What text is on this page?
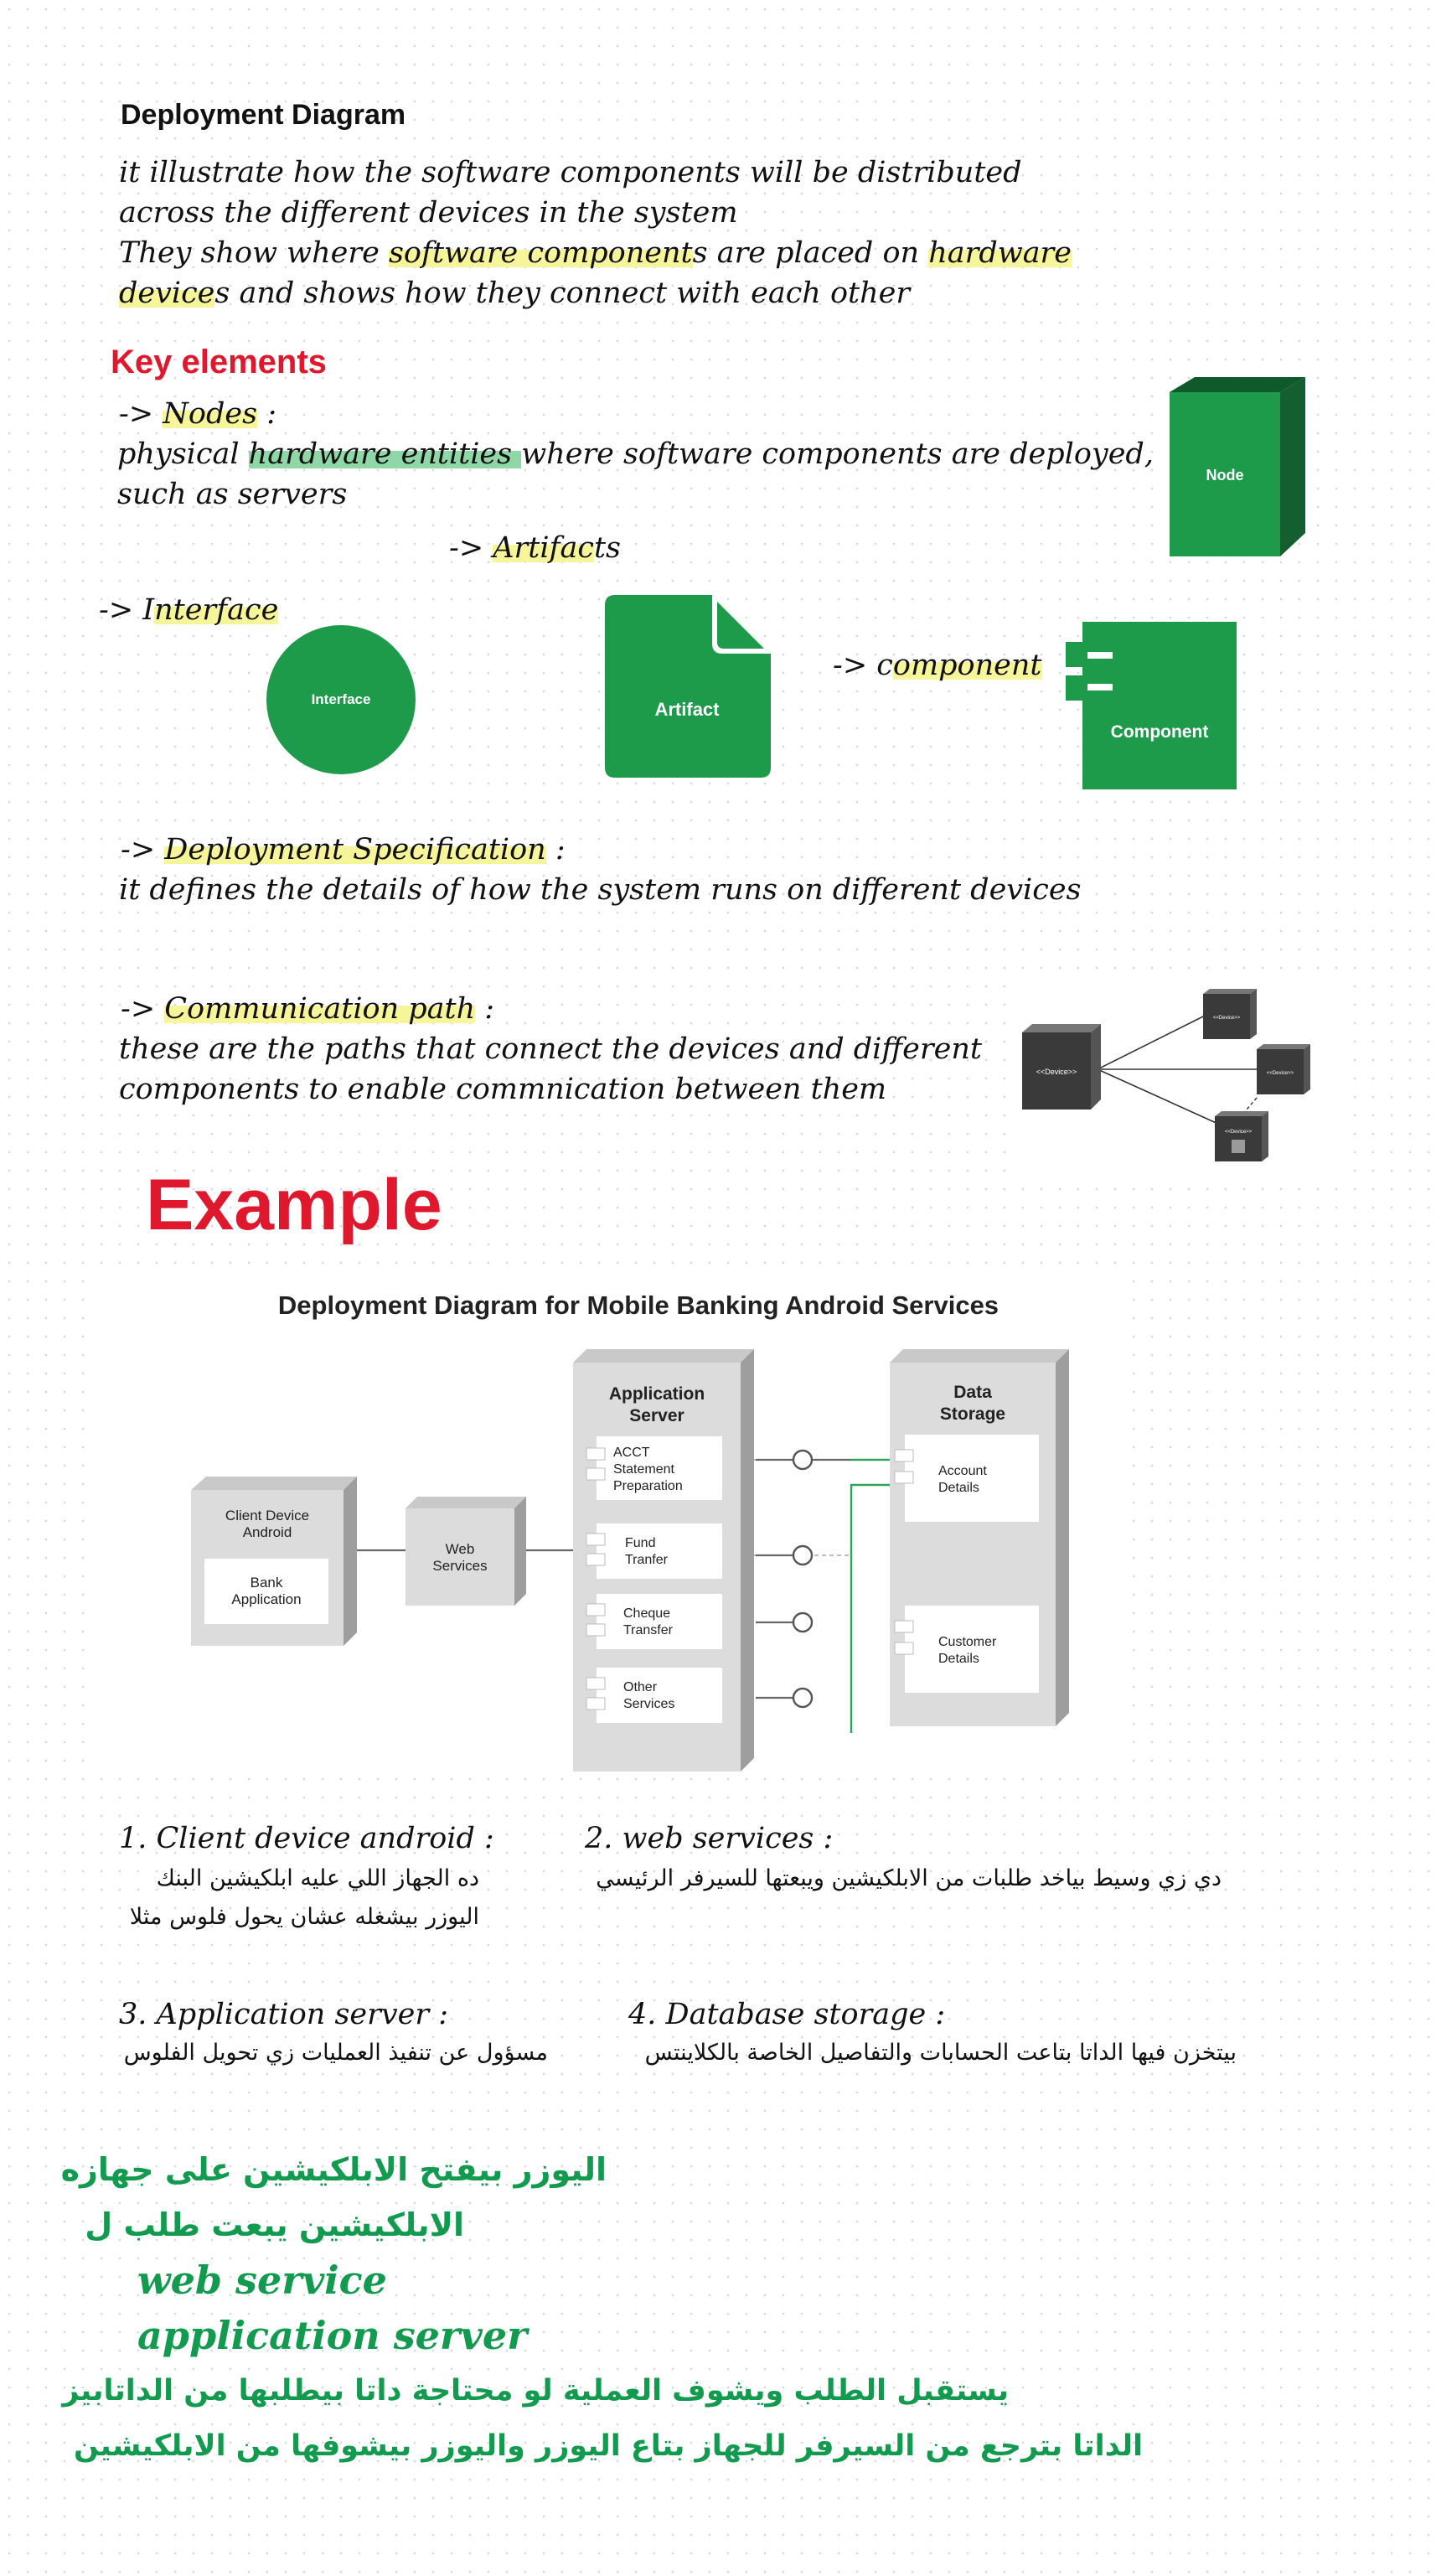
Deployment Diagram
it illustrate how the software components will be distributed
across the different devices in the system
They show where software components are placed on hardware
devices and shows how they connect with each other
Key elements
-> Nodes :
physical hardware entities where software components are deployed,
such as servers
Node
-> Artifacts
-> Interface
Interface	Artifact
-> component
Component
-> Deployment Specification :
it defines the details of how the system runs on different devices
-> Communication path :
these are the paths that connect the devices and different
components to enable commnication between them
<<Device>>
<<Device>>
<<Device>>
<<Device>>
Example
Deployment Diagram for Mobile Banking Android Services
Client Device
Android
Bank
Application
Web
Services
Application
Server
ACCT
Statement
Preparation
Fund
Tranfer
Cheque
Transfer
Other
Services
Data
Storage
Account
Details
Customer
Details
1. Client device android :
ده الجهاز اللي عليه ابلكيشين البنك
اليوزر بيشغله عشان يحول فلوس مثلا
2. web services :
دي زي وسيط بياخد طلبات من الابلكيشين ويبعتها للسيرفر الرئيسي
3. Application server :
مسؤول عن تنفيذ العمليات زي تحويل الفلوس
4. Database storage :
بيتخزن فيها الداتا بتاعت الحسابات والتفاصيل الخاصة بالكلاينتس
اليوزر بيفتح الابلكيشين على جهازه
الابلكيشين يبعت طلب ل
web service
application server
يستقبل الطلب ويشوف العملية لو محتاجة داتا بيطلبها من الداتابيز
الداتا بترجع من السيرفر للجهاز بتاع اليوزر واليوزر بيشوفها من الابلكيشين
